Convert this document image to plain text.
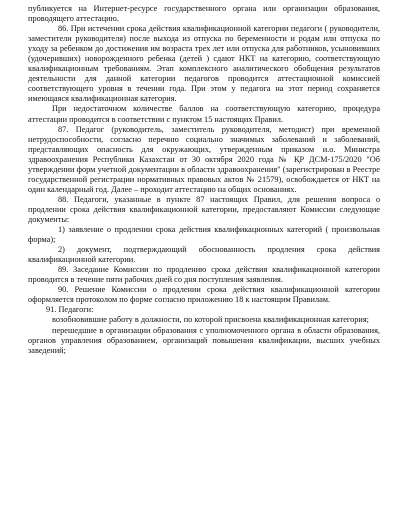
публикуется на Интернет-ресурсе государственного органа или организации образования, проводящего аттестацию.

86. При истечении срока действия квалификационной категории педагоги ( руководители, заместители руководителя) после выхода из отпуска по беременности и родам или отпуска по уходу за ребенком до достижения им возраста трех лет или отпуска для работников, усыновивших (удочеривших) новорожденного ребенка (детей ) сдают НКТ на категорию, соответствующую квалификационным требованиям. Этап комплексного аналитического обобщения результатов деятельности для данной категории педагогов проводится аттестационной комиссией соответствующего уровня в течении года. При этом у педагога на этот период сохраняется имеющаяся квалификационная категория.

При недостаточном количестве баллов на соответствующую категорию, процедура аттестации проводится в соответствии с пунктом 15 настоящих Правил.

87. Педагог (руководитель, заместитель руководителя, методист) при временной нетрудоспособности, согласно перечню социально значимых заболеваний и заболеваний, представляющих опасность для окружающих, утвержденным приказом и.о. Министра здравоохранения Республики Казахстан от 30 октября 2020 года № ҚР ДСМ-175/2020 "Об утверждении форм учетной документации в области здравоохранения" (зарегистрирован в Реестре государственной регистрации нормативных правовых актов № 21579), освобождается от НКТ на один календарный год. Далее – проходит аттестацию на общих основаниях.

88. Педагоги, указанные в пункте 87 настоящих Правил, для решения вопроса о продлении срока действия квалификационной категории, предоставляют Комиссии следующие документы:

1) заявление о продлении срока действия квалификационных категорий ( произвольная форма);

2) документ, подтверждающий обоснованность продления срока действия квалификационной категории.

89. Заседание Комиссии по продлению срока действия квалификационной категории проводится в течение пяти рабочих дней со дня поступления заявления.

90. Решение Комиссии о продлении срока действия квалификационной категории оформляется протоколом по форме согласно приложению 18 к настоящим Правилам.

91. Педагоги:

возобновившие работу в должности, по которой присвоена квалификационная категория;

перешедшие в организации образования с уполномоченного органа в области образования, органов управления образованием, организаций повышения квалификации, высших учебных заведений;
